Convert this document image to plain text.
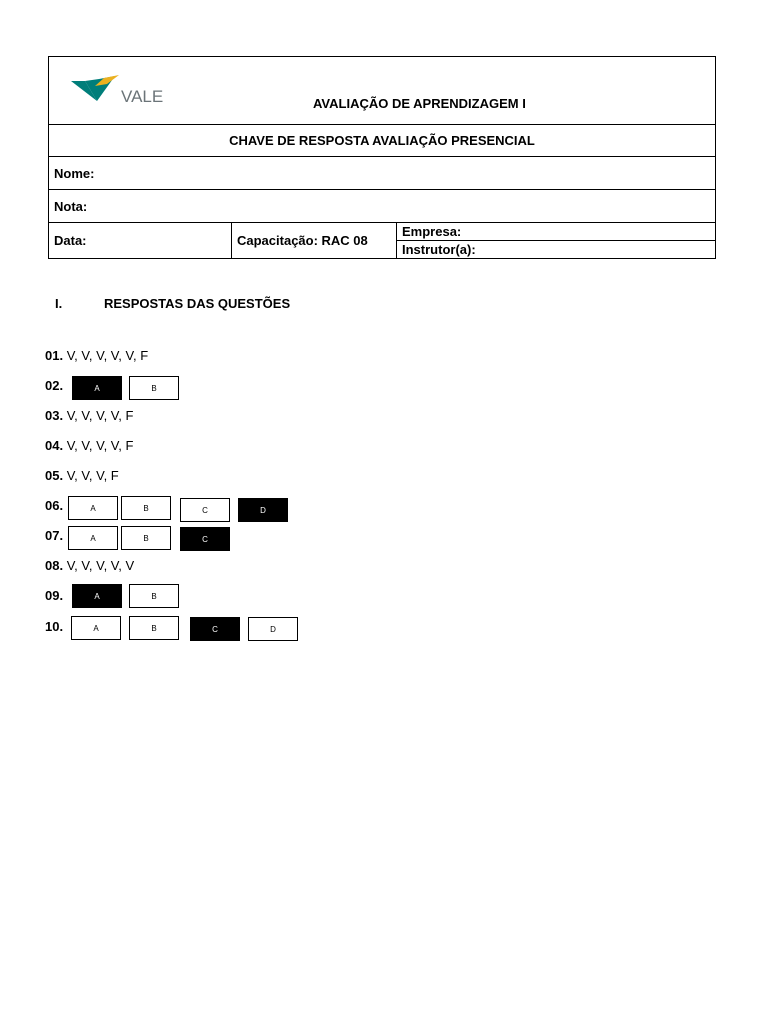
VALE	AVALIAÇÃO DE APRENDIZAGEM I

CHAVE DE RESPOSTA AVALIAÇÃO PRESENCIAL
Nome:
Nota:
Data:	Capacitação: RAC 08	Empresa:
Instrutor(a):
I.	RESPOSTAS DAS QUESTÕES
01. V, V, V, V, V, F
02.	A	B
03. V, V, V, V, F
04. V, V, V, V, F
05. V, V, V, F
06.	A	B	C	D
07.	A	B	C
08. V, V, V, V, V
09.	A	B
10.	A	B	C	D
